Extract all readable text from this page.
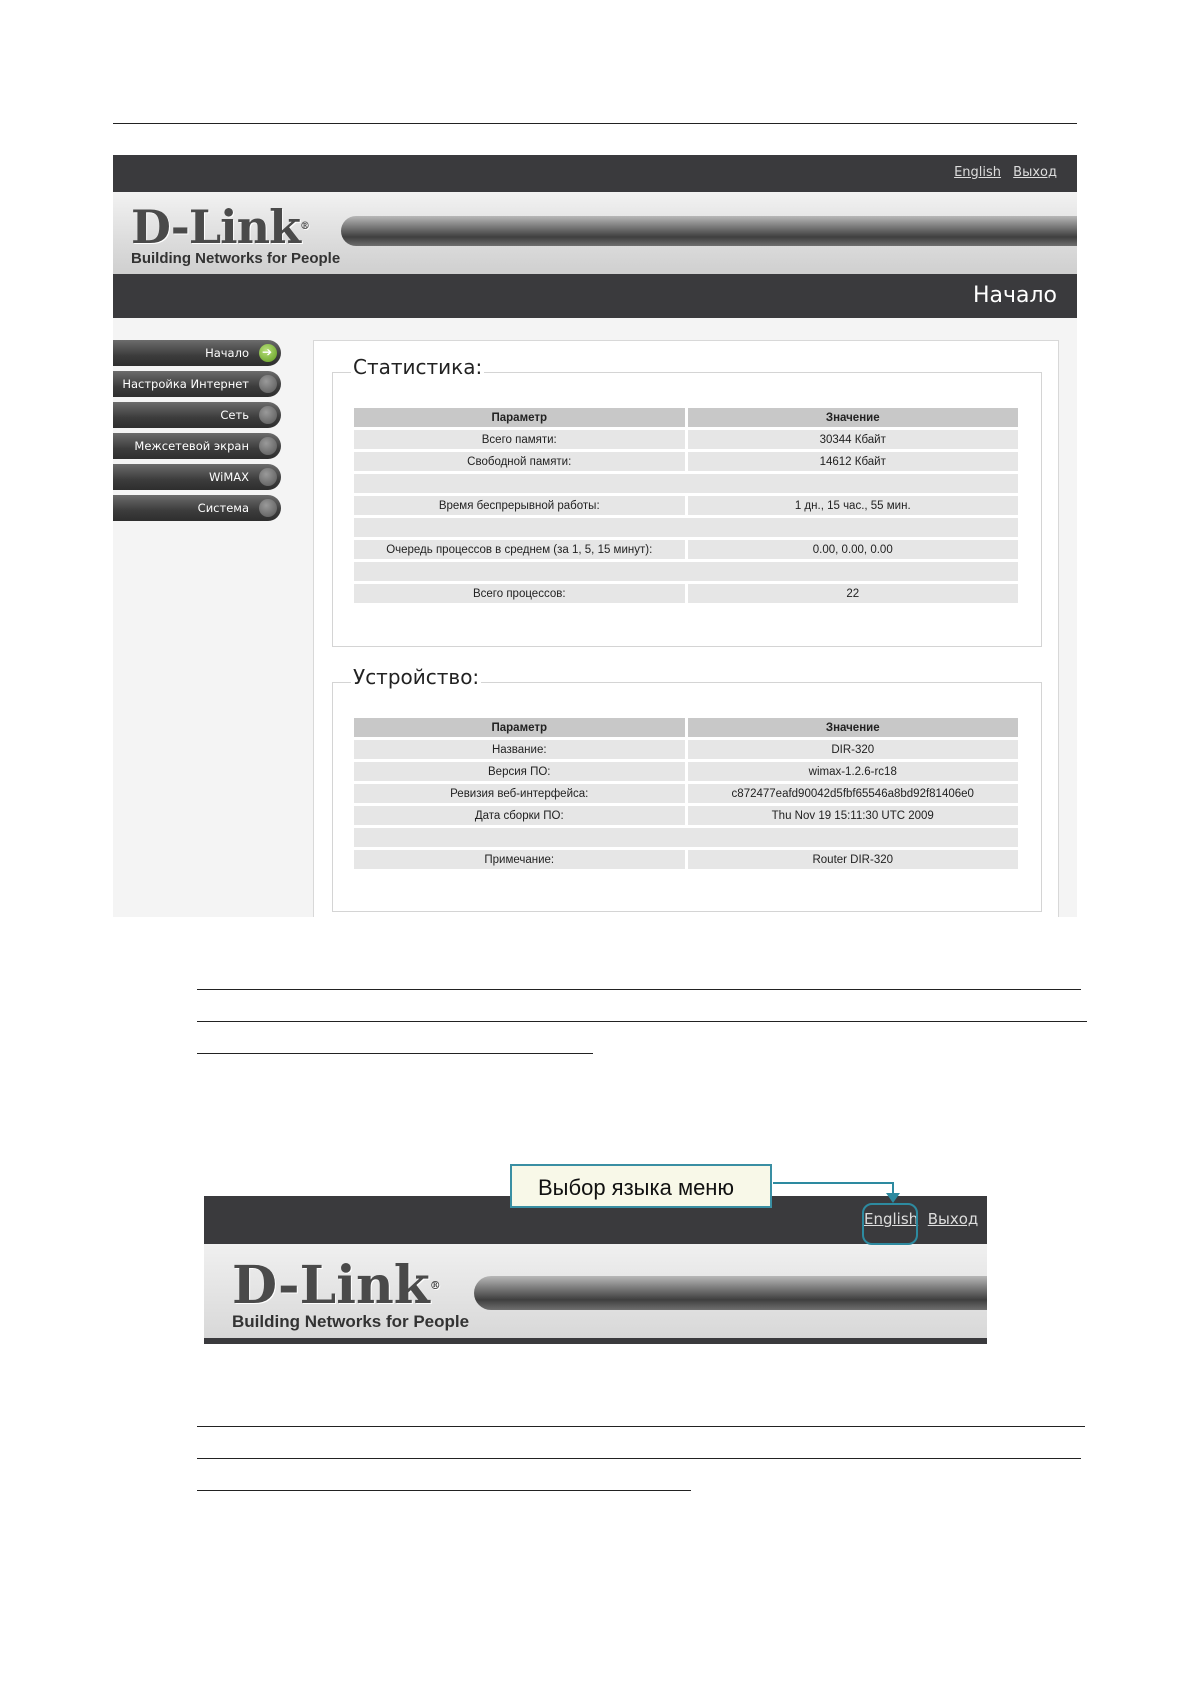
English Выход
D-Link®
Building Networks for People
Начало
Начало
➔
Настройка Интернет
Сеть
Межсетевой экран
WiMAX
Система
Статистика:
Параметр	Значение
Всего памяти:	30344 Кбайт
Свободной памяти:	14612 Кбайт

Время беспрерывной работы:	1 дн., 15 час., 55 мин.

Очередь процессов в среднем (за 1, 5, 15 минут):	0.00, 0.00, 0.00

Всего процессов:	22
Устройство:
Параметр	Значение
Название:	DIR-320
Версия ПО:	wimax-1.2.6-rc18
Ревизия веб-интерфейса:	c872477eafd90042d5fbf65546a8bd92f81406e0
Дата сборки ПО:	Thu Nov 19 15:11:30 UTC 2009

Примечание:	Router DIR-320
English Выход
D-Link®
Building Networks for People
Выбор языка меню
